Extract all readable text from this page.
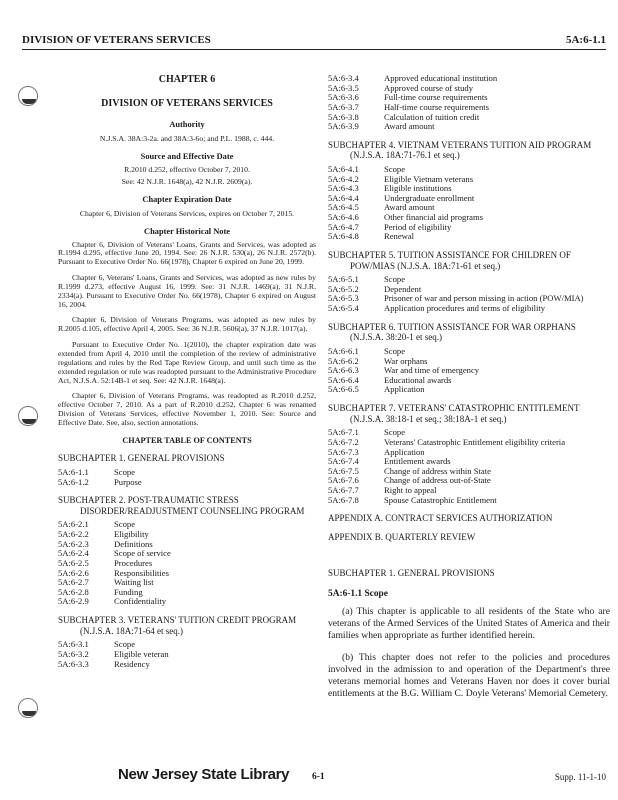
DIVISION OF VETERANS SERVICES	5A:6-1.1
CHAPTER 6
DIVISION OF VETERANS SERVICES
Authority
N.J.S.A. 38A:3-2a. and 38A:3-6o; and P.L. 1988, c. 444.
Source and Effective Date
R.2010 d.252, effective October 7, 2010.
See: 42 N.J.R. 1648(a), 42 N.J.R. 2609(a).
Chapter Expiration Date
Chapter 6, Division of Veterans Services, expires on October 7, 2015.
Chapter Historical Note

Chapter 6, Division of Veterans' Loans, Grants and Services, was adopted as R.1994 d.295, effective June 20, 1994. See: 26 N.J.R. 530(a), 26 N.J.R. 2572(b). Pursuant to Executive Order No. 66(1978), Chapter 6 expired on June 20, 1999.

Chapter 6, Veterans' Loans, Grants and Services, was adopted as new rules by R.1999 d.273, effective August 16, 1999. See: 31 N.J.R. 1469(a), 31 N.J.R. 2334(a). Pursuant to Executive Order No. 66(1978), Chapter 6 expired on August 16, 2004.

Chapter 6, Division of Veterans Programs, was adopted as new rules by R.2005 d.105, effective April 4, 2005. See: 36 N.J.R. 5606(a), 37 N.J.R. 1017(a).

Pursuant to Executive Order No. 1(2010), the chapter expiration date was extended from April 4, 2010 until the completion of the review of administrative regulations and rules by the Red Tape Review Group, and until such time as the extended regulation or rule was readopted pursuant to the Administrative Procedure Act, N.J.S.A. 52:14B-1 et seq. See: 42 N.J.R. 1648(a).

Chapter 6, Division of Veterans Programs, was readopted as R.2010 d.252, effective October 7, 2010. As a part of R.2010 d.252, Chapter 6 was renamed Division of Veterans Services, effective November 1, 2010. See: Source and Effective Date. See, also, section annotations.

CHAPTER TABLE OF CONTENTS
SUBCHAPTER 1. GENERAL PROVISIONS
5A:6-1.1	Scope
5A:6-1.2	Purpose
SUBCHAPTER 2. POST-TRAUMATIC STRESS DISORDER/READJUSTMENT COUNSELING PROGRAM
5A:6-2.1	Scope
5A:6-2.2	Eligibility
5A:6-2.3	Definitions
5A:6-2.4	Scope of service
5A:6-2.5	Procedures
5A:6-2.6	Responsibilities
5A:6-2.7	Waiting list
5A:6-2.8	Funding
5A:6-2.9	Confidentiality
SUBCHAPTER 3. VETERANS' TUITION CREDIT PROGRAM (N.J.S.A. 18A:71-64 et seq.)
5A:6-3.1	Scope
5A:6-3.2	Eligible veteran
5A:6-3.3	Residency
5A:6-3.4	Approved educational institution
5A:6-3.5	Approved course of study
5A:6-3.6	Full-time course requirements
5A:6-3.7	Half-time course requirements
5A:6-3.8	Calculation of tuition credit
5A:6-3.9	Award amount
SUBCHAPTER 4. VIETNAM VETERANS TUITION AID PROGRAM (N.J.S.A. 18A:71-76.1 et seq.)
5A:6-4.1	Scope
5A:6-4.2	Eligible Vietnam veterans
5A:6-4.3	Eligible institutions
5A:6-4.4	Undergraduate enrollment
5A:6-4.5	Award amount
5A:6-4.6	Other financial aid programs
5A:6-4.7	Period of eligibility
5A:6-4.8	Renewal
SUBCHAPTER 5. TUITION ASSISTANCE FOR CHILDREN OF POW/MIAS (N.J.S.A. 18A:71-61 et seq.)
5A:6-5.1	Scope
5A:6-5.2	Dependent
5A:6-5.3	Prisoner of war and person missing in action (POW/MIA)
5A:6-5.4	Application procedures and terms of eligibility
SUBCHAPTER 6. TUITION ASSISTANCE FOR WAR ORPHANS (N.J.S.A. 38:20-1 et seq.)
5A:6-6.1	Scope
5A:6-6.2	War orphans
5A:6-6.3	War and time of emergency
5A:6-6.4	Educational awards
5A:6-6.5	Application
SUBCHAPTER 7. VETERANS' CATASTROPHIC ENTITLEMENT (N.J.S.A. 38:18-1 et seq.; 38:18A-1 et seq.)
5A:6-7.1	Scope
5A:6-7.2	Veterans' Catastrophic Entitlement eligibility criteria
5A:6-7.3	Application
5A:6-7.4	Entitlement awards
5A:6-7.5	Change of address within State
5A:6-7.6	Change of address out-of-State
5A:6-7.7	Right to appeal
5A:6-7.8	Spouse Catastrophic Entitlement
APPENDIX A. CONTRACT SERVICES AUTHORIZATION
APPENDIX B. QUARTERLY REVIEW
SUBCHAPTER 1. GENERAL PROVISIONS
5A:6-1.1 Scope

(a) This chapter is applicable to all residents of the State who are veterans of the Armed Services of the United States of America and their families when appropriate as further identified herein.

(b) This chapter does not refer to the policies and procedures involved in the admission to and operation of the Department's three veterans memorial homes and Veterans Haven nor does it cover burial entitlements at the B.G. William C. Doyle Veterans' Memorial Cemetery.

New Jersey State Library 6-1	Supp. 11-1-10
